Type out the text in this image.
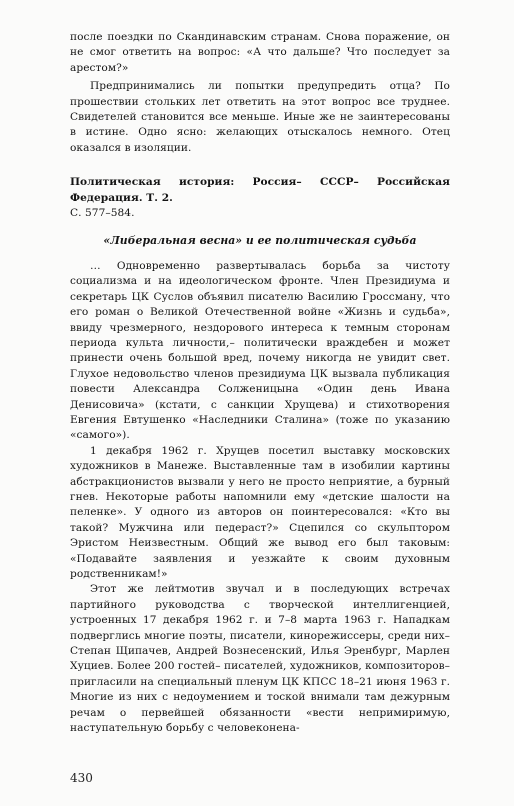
после поездки по Скандинавским странам. Снова поражение, он не смог ответить на вопрос: «А что дальше? Что последует за арестом?»

Предпринимались ли попытки предупредить отца? По прошествии стольких лет ответить на этот вопрос все труднее. Свидетелей становится все меньше. Иные же не заинтересованы в истине. Одно ясно: желающих отыскалось немного. Отец оказался в изоляции.

Политическая история: Россия– СССР– Российская Федерация. Т. 2.

С. 577–584.

«Либеральная весна» и ее политическая судьба

… Одновременно развертывалась борьба за чистоту социализма и на идеологическом фронте. Член Президиума и секретарь ЦК Суслов объявил писателю Василию Гроссману, что его роман о Великой Отечественной войне «Жизнь и судьба», ввиду чрезмерного, нездорового интереса к темным сторонам периода культа личности,– политически враждебен и может принести очень большой вред, почему никогда не увидит свет. Глухое недовольство членов президиума ЦК вызвала публикация повести Александра Солженицына «Один день Ивана Денисовича» (кстати, с санкции Хрущева) и стихотворения Евгения Евтушенко «Наследники Сталина» (тоже по указанию «самого»).

1 декабря 1962 г. Хрущев посетил выставку московских художников в Манеже. Выставленные там в изобилии картины абстракционистов вызвали у него не просто неприятие, а бурный гнев. Некоторые работы напомнили ему «детские шалости на пеленке». У одного из авторов он поинтересовался: «Кто вы такой? Мужчина или педераст?» Сцепился со скульптором Эристом Неизвестным. Общий же вывод его был таковым: «Подавайте заявления и уезжайте к своим духовным родственникам!»

Этот же лейтмотив звучал и в последующих встречах партийного руководства с творческой интеллигенцией, устроенных 17 декабря 1962 г. и 7–8 марта 1963 г. Нападкам подверглись многие поэты, писатели, кинорежиссеры, среди них– Степан Щипачев, Андрей Вознесенский, Илья Эренбург, Марлен Хуциев. Более 200 гостей– писателей, художников, композиторов– пригласили на специальный пленум ЦК КПСС 18–21 июня 1963 г. Многие из них с недоумением и тоской внимали там дежурным речам о первейшей обязанности «вести непримиримую, наступательную борьбу с человеконена-

430
